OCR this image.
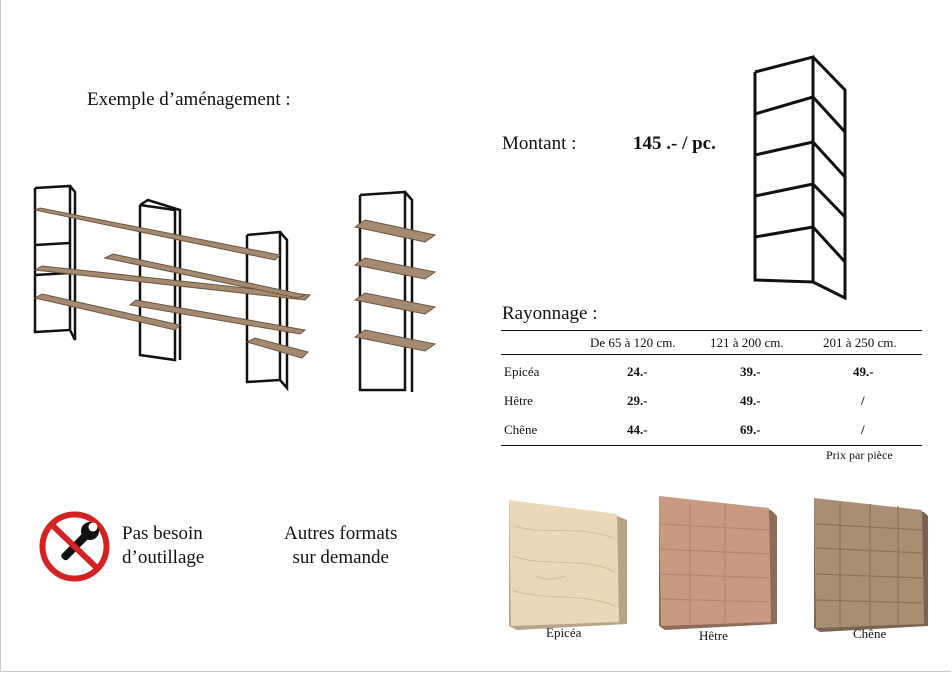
Exemple d’aménagement :
Montant :	145 .- / pc.
Rayonnage :
De 65 à 120 cm.	121 à 200 cm.	201 à 250 cm.
Epicéa	24.-	39.-	49.-
Hêtre	29.-	49.-	/
Chêne	44.-	69.-	/
Prix par pièce
Pas besoin
d’outillage
Autres formats
sur demande
Epicéa	Hêtre	Chêne
